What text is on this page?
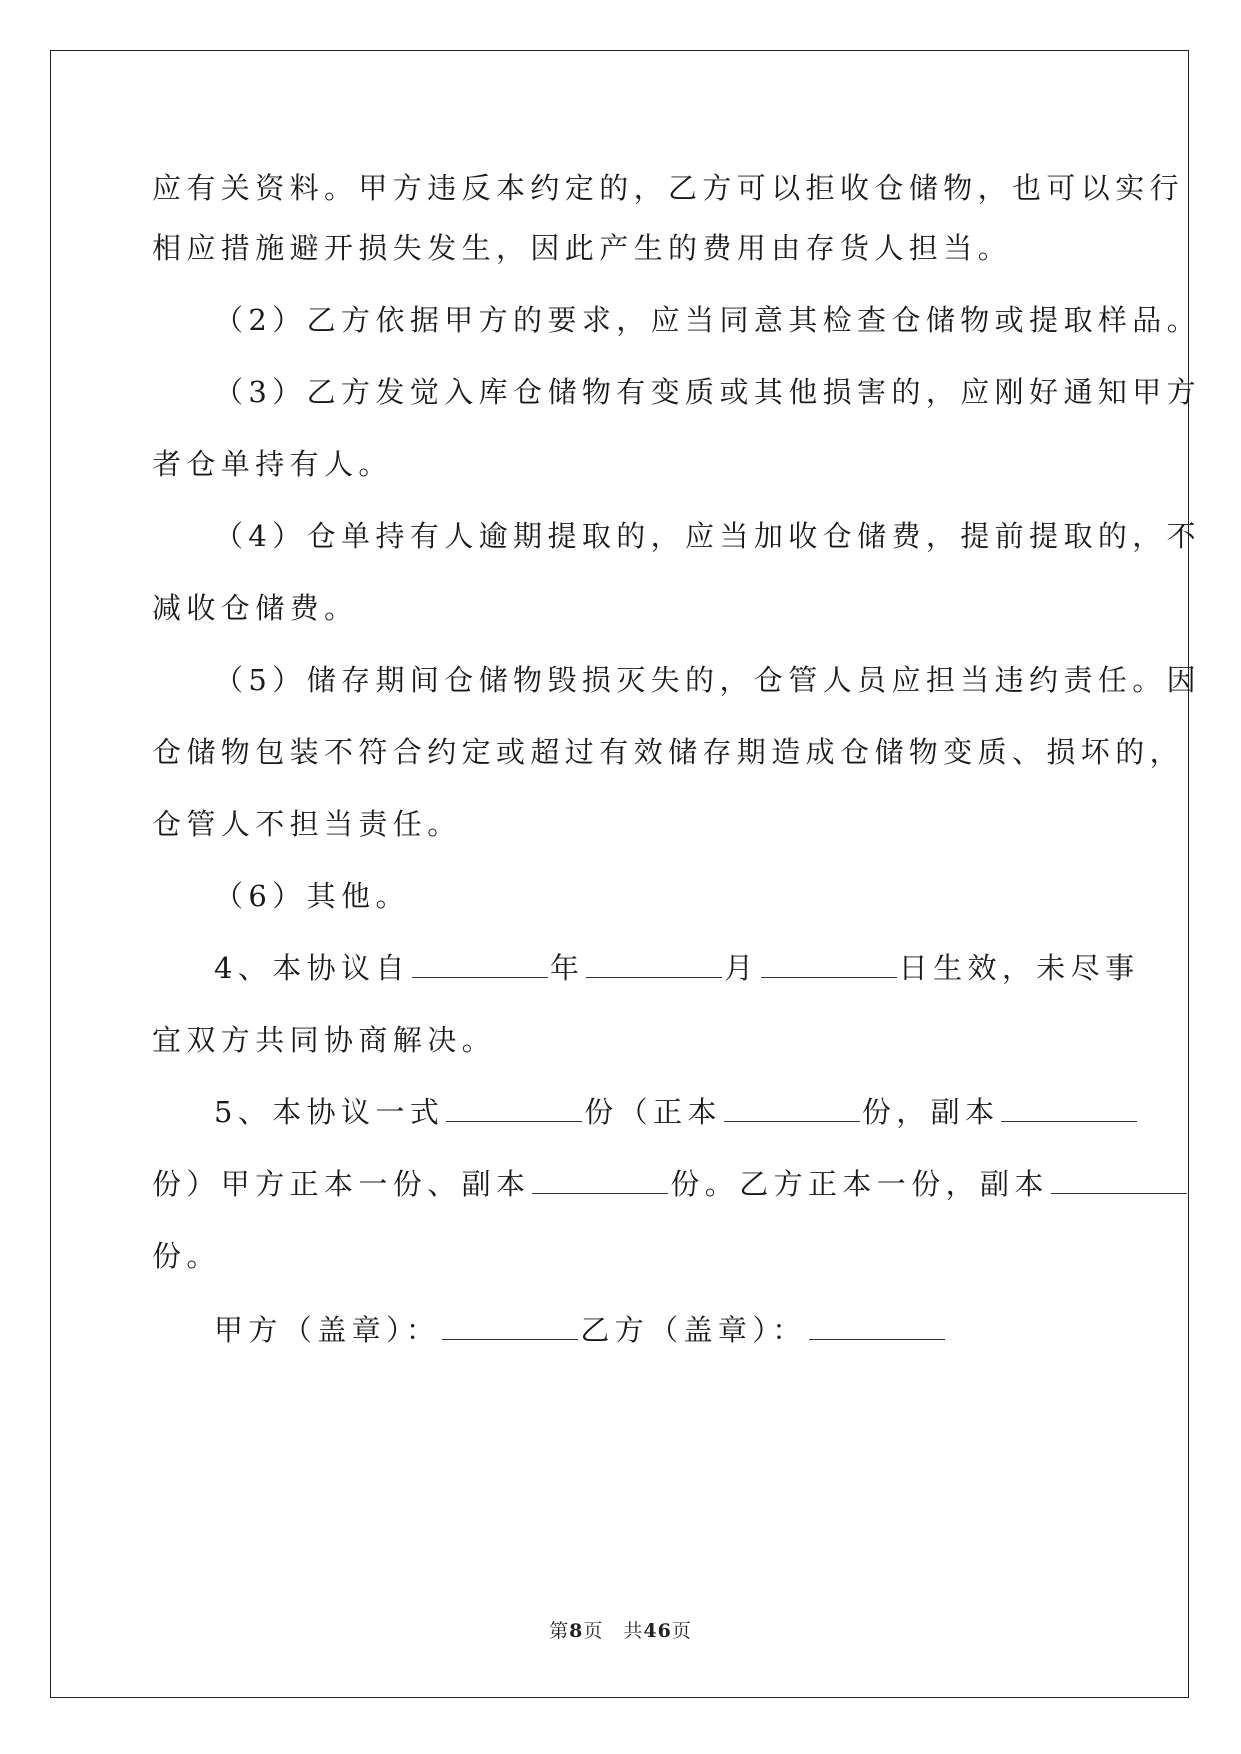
应有关资料。甲方违反本约定的，乙方可以拒收仓储物，也可以实行
相应措施避开损失发生，因此产生的费用由存货人担当。
（2）乙方依据甲方的要求，应当同意其检查仓储物或提取样品。
（3）乙方发觉入库仓储物有变质或其他损害的，应刚好通知甲方
者仓单持有人。
（4）仓单持有人逾期提取的，应当加收仓储费，提前提取的，不
减收仓储费。
（5）储存期间仓储物毁损灭失的，仓管人员应担当违约责任。因
仓储物包装不符合约定或超过有效储存期造成仓储物变质、损坏的，
仓管人不担当责任。
（6）其他。
4、本协议自	年	月	日生效，未尽事
宜双方共同协商解决。
5、本协议一式	份（正本	份，副本
份）甲方正本一份、副本	份。乙方正本一份，副本
份。
甲方（盖章）：	乙方（盖章）：
第8页　共46页
